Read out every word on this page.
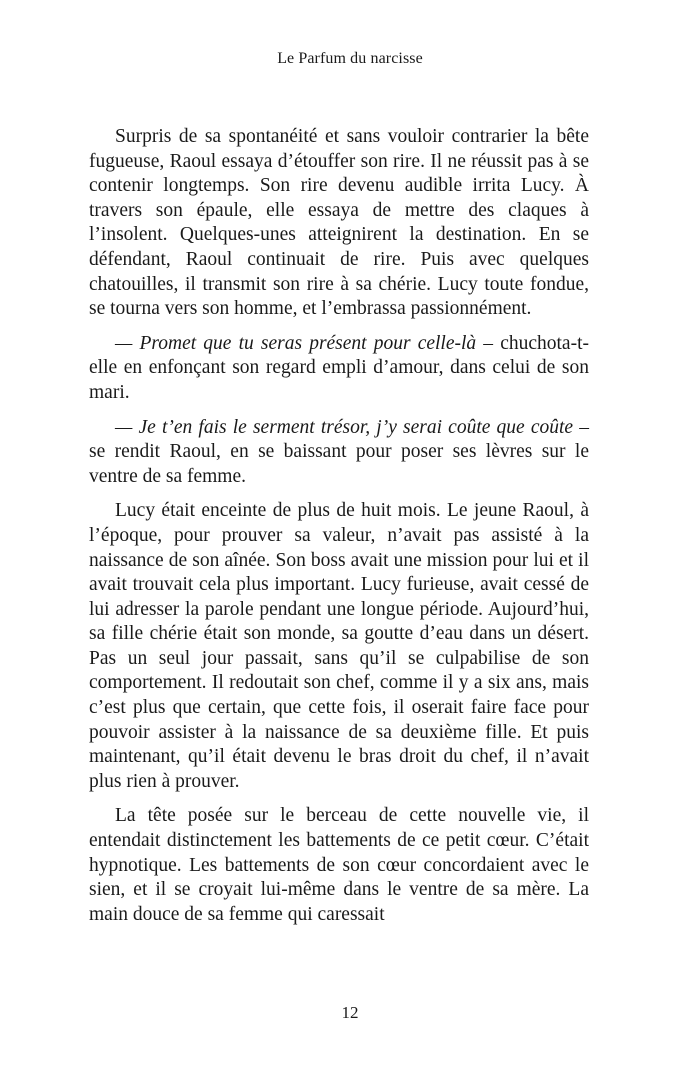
Le Parfum du narcisse

Surpris de sa spontanéité et sans vouloir contrarier la bête fugueuse, Raoul essaya d’étouffer son rire. Il ne réussit pas à se contenir longtemps. Son rire devenu audible irrita Lucy. À travers son épaule, elle essaya de mettre des claques à l’insolent. Quelques-unes atteignirent la destination. En se défendant, Raoul continuait de rire. Puis avec quelques chatouilles, il transmit son rire à sa chérie. Lucy toute fondue, se tourna vers son homme, et l’embrassa passionnément.

— Promet que tu seras présent pour celle-là – chuchota-t-elle en enfonçant son regard empli d’amour, dans celui de son mari.

— Je t’en fais le serment trésor, j’y serai coûte que coûte – se rendit Raoul, en se baissant pour poser ses lèvres sur le ventre de sa femme.

Lucy était enceinte de plus de huit mois. Le jeune Raoul, à l’époque, pour prouver sa valeur, n’avait pas assisté à la naissance de son aînée. Son boss avait une mission pour lui et il avait trouvait cela plus important. Lucy furieuse, avait cessé de lui adresser la parole pendant une longue période. Aujourd’hui, sa fille chérie était son monde, sa goutte d’eau dans un désert. Pas un seul jour passait, sans qu’il se culpabilise de son comportement. Il redoutait son chef, comme il y a six ans, mais c’est plus que certain, que cette fois, il oserait faire face pour pouvoir assister à la naissance de sa deuxième fille. Et puis maintenant, qu’il était devenu le bras droit du chef, il n’avait plus rien à prouver.

La tête posée sur le berceau de cette nouvelle vie, il entendait distinctement les battements de ce petit cœur. C’était hypnotique. Les battements de son cœur concordaient avec le sien, et il se croyait lui-même dans le ventre de sa mère. La main douce de sa femme qui caressait

12
